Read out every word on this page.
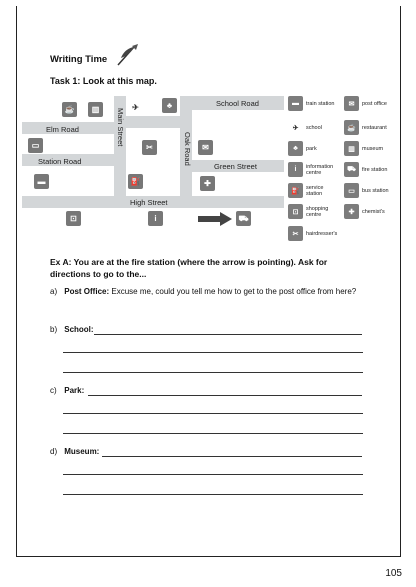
Writing Time
Task 1: Look at this map.
School Road
Elm Road	Main Street
Oak Road
Station Road
Green Street
High Street
☕	▥	✈	♣
▭	✂	✉
▬	⛽	✚
⊡	i	⛟
▬	train station	✉	post office
✈	school	☕	restaurant
♣	park	▥	museum
i	information centre	⛟	fire station
⛽	service station	▭	bus station
⊡	shopping centre	✚	chemist's
✂	hairdresser's
Ex A: You are at the fire station (where the arrow is pointing). Ask for directions to go to the...
a) Post Office: Excuse me, could you tell me how to get to the post office from here?
b) School:
c) Park:
d) Museum:
105
